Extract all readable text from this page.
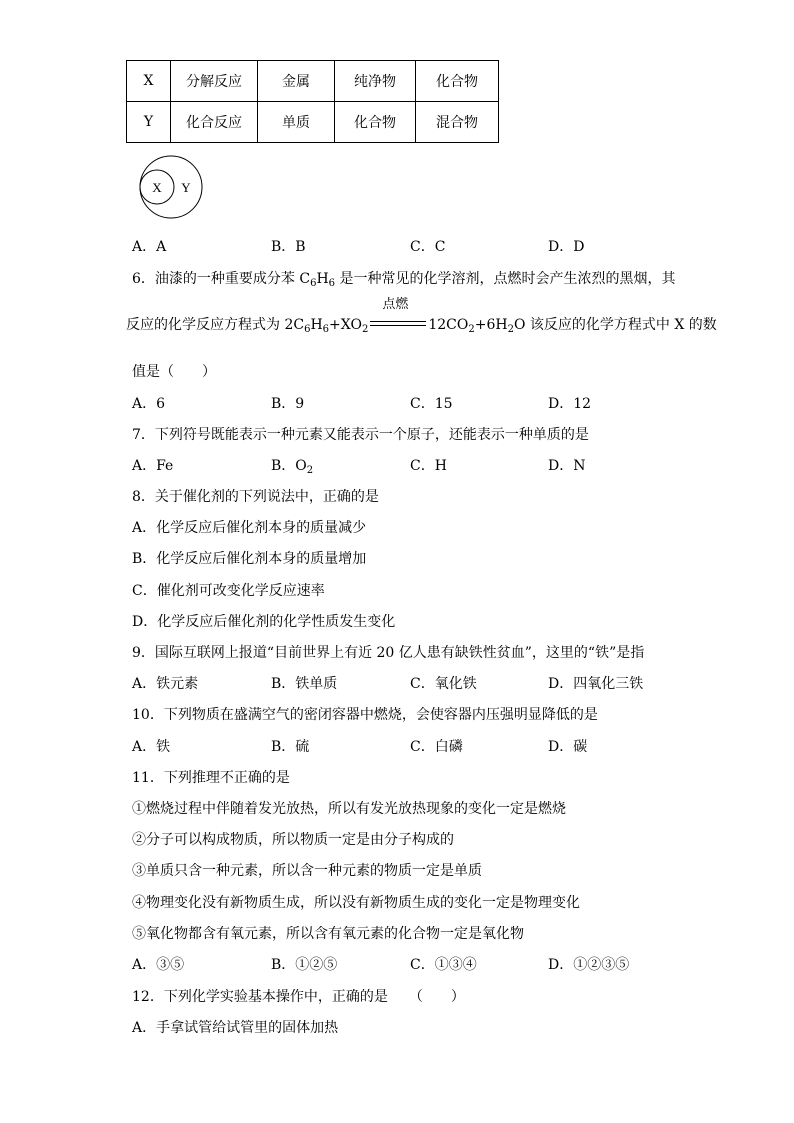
X	分解反应	金属	纯净物	化合物
Y	化合反应	单质	化合物	混合物
X Y
A．A	B．B	C．C	D．D
6．油漆的一种重要成分苯 $C_6H_6$ 是一种常见的化学溶剂，点燃时会产生浓烈的黑烟，其
反应的化学反应方程式为 $2C_6H_6+XO_2$
点燃
$12CO_2+6H_2O$ 该反应的化学方程式中 X 的数
值是（　　）
A．6	B．9	C．15	D．12
7．下列符号既能表示一种元素又能表示一个原子，还能表示一种单质的是
A．Fe	B．$O_2$	C．H	D．N
8．关于催化剂的下列说法中，正确的是
A．化学反应后催化剂本身的质量减少
B．化学反应后催化剂本身的质量增加
C．催化剂可改变化学反应速率
D．化学反应后催化剂的化学性质发生变化
9．国际互联网上报道“目前世界上有近 20 亿人患有缺铁性贫血”，这里的“铁”是指
A．铁元素	B．铁单质	C．氧化铁	D．四氧化三铁
10．下列物质在盛满空气的密闭容器中燃烧，会使容器内压强明显降低的是
A．铁	B．硫	C．白磷	D．碳
11．下列推理不正确的是
①燃烧过程中伴随着发光放热，所以有发光放热现象的变化一定是燃烧
②分子可以构成物质，所以物质一定是由分子构成的
③单质只含一种元素，所以含一种元素的物质一定是单质
④物理变化没有新物质生成，所以没有新物质生成的变化一定是物理变化
⑤氧化物都含有氧元素，所以含有氧元素的化合物一定是氧化物
A．③⑤	B．①②⑤	C．①③④	D．①②③⑤
12．下列化学实验基本操作中，正确的是　　（　　）
A．手拿试管给试管里的固体加热
